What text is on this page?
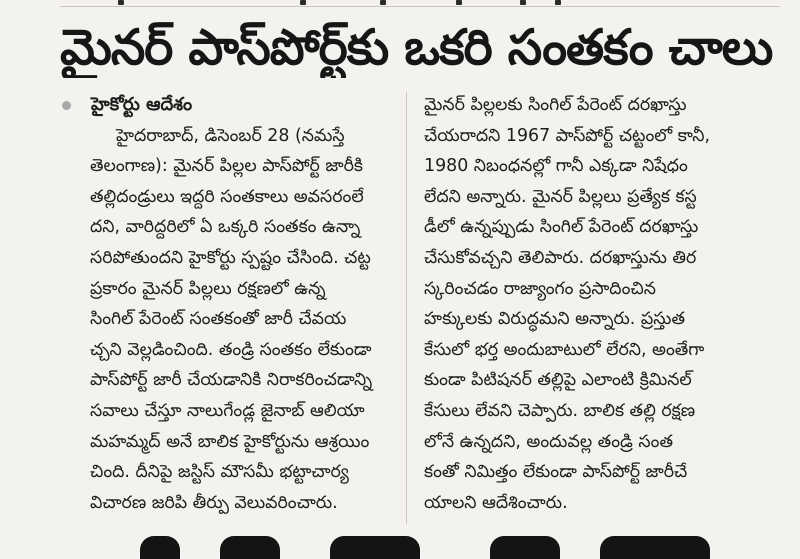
మైనర్ పాస్‌పోర్ట్‌కు ఒకరి సంతకం చాలు
హైకోర్టు ఆదేశం
హైదరాబాద్, డిసెంబర్ 28 (నమస్తే
తెలంగాణ): మైనర్ పిల్లల పాస్‌పోర్ట్ జారీకి
తల్లిదండ్రులు ఇద్దరి సంతకాలు అవసరంలే
దని, వారిద్దరిలో ఏ ఒక్కరి సంతకం ఉన్నా
సరిపోతుందని హైకోర్టు స్పష్టం చేసింది. చట్ట
ప్రకారం మైనర్ పిల్లలు రక్షణలో ఉన్న
సింగిల్ పేరెంట్ సంతకంతో జారీ చేవయ
చ్చని వెల్లడించింది. తండ్రి సంతకం లేకుండా
పాస్‌పోర్ట్ జారీ చేయడానికి నిరాకరించడాన్ని
సవాలు చేస్తూ నాలుగేండ్ల జైనాబ్ ఆలియా
మహమ్మద్ అనే బాలిక హైకోర్టును ఆశ్రయిం
చింది. దీనిపై జస్టిస్ మౌసమీ భట్టాచార్య
విచారణ జరిపి తీర్పు వెలువరించారు.
మైనర్ పిల్లలకు సింగిల్ పేరెంట్ దరఖాస్తు
చేయరాదని 1967 పాస్‌పోర్ట్ చట్టంలో కానీ,
1980 నిబంధనల్లో గానీ ఎక్కడా నిషేధం
లేదని అన్నారు. మైనర్ పిల్లలు ప్రత్యేక కస్ట
డీలో ఉన్నప్పుడు సింగిల్ పేరెంట్ దరఖాస్తు
చేసుకోవచ్చని తెలిపారు. దరఖాస్తును తిర
స్కరించడం రాజ్యాంగం ప్రసాదించిన
హక్కులకు విరుద్ధమని అన్నారు. ప్రస్తుత
కేసులో భర్త అందుబాటులో లేరని, అంతేగా
కుండా పిటిషనర్ తల్లిపై ఎలాంటి క్రిమినల్
కేసులు లేవని చెప్పారు. బాలిక తల్లి రక్షణ
లోనే ఉన్నదని, అందువల్ల తండ్రి సంత
కంతో నిమిత్తం లేకుండా పాస్‌పోర్ట్ జారీచే
యాలని ఆదేశించారు.
